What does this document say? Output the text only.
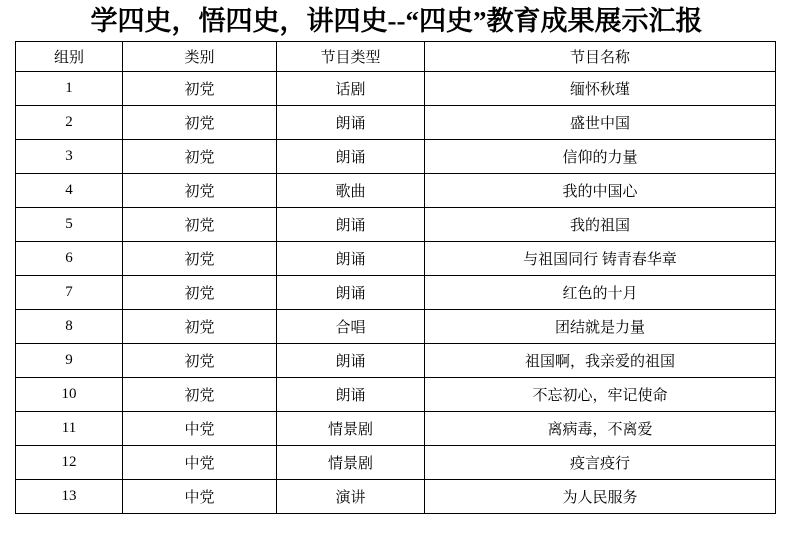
学四史，悟四史，讲四史--“四史”教育成果展示汇报
组别	类别	节目类型	节目名称
1	初党	话剧	缅怀秋瑾
2	初党	朗诵	盛世中国
3	初党	朗诵	信仰的力量
4	初党	歌曲	我的中国心
5	初党	朗诵	我的祖国
6	初党	朗诵	与祖国同行 铸青春华章
7	初党	朗诵	红色的十月
8	初党	合唱	团结就是力量
9	初党	朗诵	祖国啊，我亲爱的祖国
10	初党	朗诵	不忘初心，牢记使命
11	中党	情景剧	离病毒，不离爱
12	中党	情景剧	疫言疫行
13	中党	演讲	为人民服务
